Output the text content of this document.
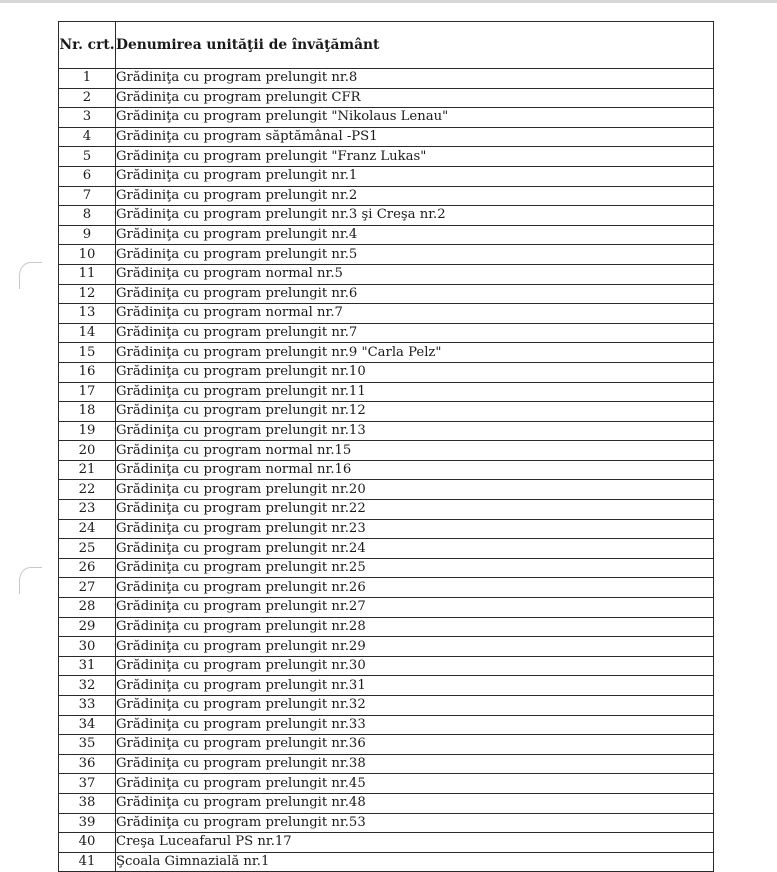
Nr. crt.	Denumirea unităţii de învăţământ
1	Grădiniţa cu program prelungit nr.8
2	Grădiniţa cu program prelungit CFR
3	Grădiniţa cu program prelungit "Nikolaus Lenau"
4	Grădiniţa cu program săptămânal -PS1
5	Grădiniţa cu program prelungit "Franz Lukas"
6	Grădiniţa cu program prelungit nr.1
7	Grădiniţa cu program prelungit nr.2
8	Grădiniţa cu program prelungit nr.3 şi Creşa nr.2
9	Grădiniţa cu program prelungit nr.4
10	Grădiniţa cu program prelungit nr.5
11	Grădiniţa cu program normal nr.5
12	Grădiniţa cu program prelungit nr.6
13	Grădiniţa cu program normal nr.7
14	Grădiniţa cu program prelungit nr.7
15	Grădiniţa cu program prelungit nr.9 "Carla Pelz"
16	Grădiniţa cu program prelungit nr.10
17	Grădiniţa cu program prelungit nr.11
18	Grădiniţa cu program prelungit nr.12
19	Grădiniţa cu program prelungit nr.13
20	Grădiniţa cu program normal nr.15
21	Grădiniţa cu program normal nr.16
22	Grădiniţa cu program prelungit nr.20
23	Grădiniţa cu program prelungit nr.22
24	Grădiniţa cu program prelungit nr.23
25	Grădiniţa cu program prelungit nr.24
26	Grădiniţa cu program prelungit nr.25
27	Grădiniţa cu program prelungit nr.26
28	Grădiniţa cu program prelungit nr.27
29	Grădiniţa cu program prelungit nr.28
30	Grădiniţa cu program prelungit nr.29
31	Grădiniţa cu program prelungit nr.30
32	Grădiniţa cu program prelungit nr.31
33	Grădiniţa cu program prelungit nr.32
34	Grădiniţa cu program prelungit nr.33
35	Grădiniţa cu program prelungit nr.36
36	Grădiniţa cu program prelungit nr.38
37	Grădiniţa cu program prelungit nr.45
38	Grădiniţa cu program prelungit nr.48
39	Grădiniţa cu program prelungit nr.53
40	Creşa Luceafarul PS nr.17
41	Şcoala Gimnazială nr.1
